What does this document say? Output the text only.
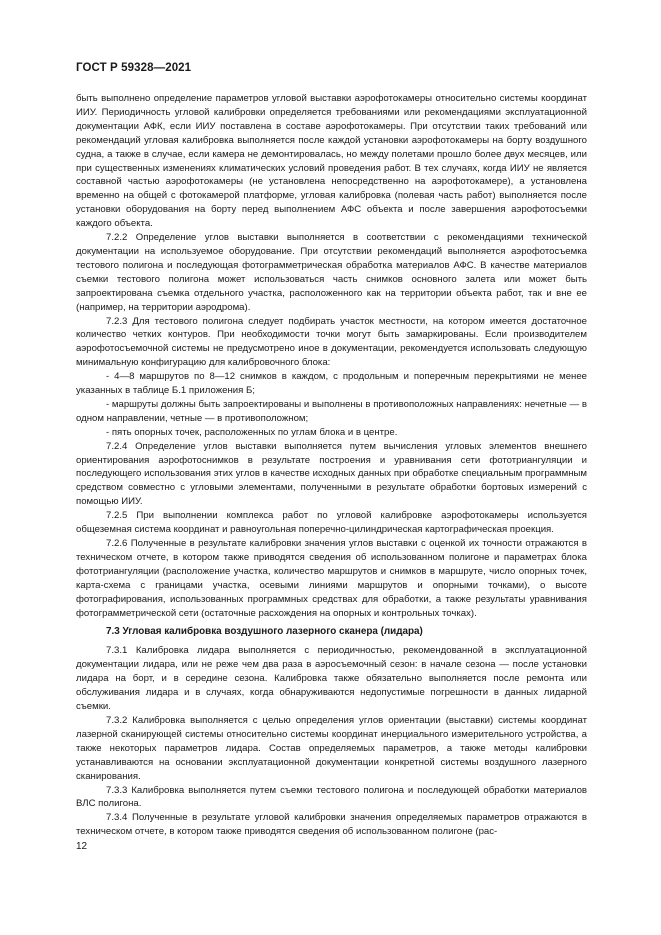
ГОСТ Р 59328—2021

быть выполнено определение параметров угловой выставки аэрофотокамеры относительно системы координат ИИУ. Периодичность угловой калибровки определяется требованиями или рекомендациями эксплуатационной документации АФК, если ИИУ поставлена в составе аэрофотокамеры. При отсутствии таких требований или рекомендаций угловая калибровка выполняется после каждой установки аэрофотокамеры на борту воздушного судна, а также в случае, если камера не демонтировалась, но между полетами прошло более двух месяцев, или при существенных изменениях климатических условий проведения работ. В тех случаях, когда ИИУ не является составной частью аэрофотокамеры (не установлена непосредственно на аэрофотокамере), а установлена временно на общей с фотокамерой платформе, угловая калибровка (полевая часть работ) выполняется после установки оборудования на борту перед выполнением АФС объекта и после завершения аэрофотосъемки каждого объекта.

7.2.2 Определение углов выставки выполняется в соответствии с рекомендациями технической документации на используемое оборудование. При отсутствии рекомендаций выполняется аэрофотосъемка тестового полигона и последующая фотограмметрическая обработка материалов АФС. В качестве материалов съемки тестового полигона может использоваться часть снимков основного залета или может быть запроектирована съемка отдельного участка, расположенного как на территории объекта работ, так и вне ее (например, на территории аэродрома).

7.2.3 Для тестового полигона следует подбирать участок местности, на котором имеется достаточное количество четких контуров. При необходимости точки могут быть замаркированы. Если производителем аэрофотосъемочной системы не предусмотрено иное в документации, рекомендуется использовать следующую минимальную конфигурацию для калибровочного блока:

- 4—8 маршрутов по 8—12 снимков в каждом, с продольным и поперечным перекрытиями не менее указанных в таблице Б.1 приложения Б;

- маршруты должны быть запроектированы и выполнены в противоположных направлениях: нечетные — в одном направлении, четные — в противоположном;

- пять опорных точек, расположенных по углам блока и в центре.

7.2.4 Определение углов выставки выполняется путем вычисления угловых элементов внешнего ориентирования аэрофотоснимков в результате построения и уравнивания сети фототриангуляции и последующего использования этих углов в качестве исходных данных при обработке специальным программным средством совместно с угловыми элементами, полученными в результате обработки бортовых измерений с помощью ИИУ.

7.2.5 При выполнении комплекса работ по угловой калибровке аэрофотокамеры используется общеземная система координат и равноугольная поперечно-цилиндрическая картографическая проекция.

7.2.6 Полученные в результате калибровки значения углов выставки с оценкой их точности отражаются в техническом отчете, в котором также приводятся сведения об использованном полигоне и параметрах блока фототриангуляции (расположение участка, количество маршрутов и снимков в маршруте, число опорных точек, карта-схема с границами участка, осевыми линиями маршрутов и опорными точками), о высоте фотографирования, использованных программных средствах для обработки, а также результаты уравнивания фотограмметрической сети (остаточные расхождения на опорных и контрольных точках).

7.3 Угловая калибровка воздушного лазерного сканера (лидара)

7.3.1 Калибровка лидара выполняется с периодичностью, рекомендованной в эксплуатационной документации лидара, или не реже чем два раза в аэросъемочный сезон: в начале сезона — после установки лидара на борт, и в середине сезона. Калибровка также обязательно выполняется после ремонта или обслуживания лидара и в случаях, когда обнаруживаются недопустимые погрешности в данных лидарной съемки.

7.3.2 Калибровка выполняется с целью определения углов ориентации (выставки) системы координат лазерной сканирующей системы относительно системы координат инерциального измерительного устройства, а также некоторых параметров лидара. Состав определяемых параметров, а также методы калибровки устанавливаются на основании эксплуатационной документации конкретной системы воздушного лазерного сканирования.

7.3.3 Калибровка выполняется путем съемки тестового полигона и последующей обработки материалов ВЛС полигона.

7.3.4 Полученные в результате угловой калибровки значения определяемых параметров отражаются в техническом отчете, в котором также приводятся сведения об использованном полигоне (рас-

12
